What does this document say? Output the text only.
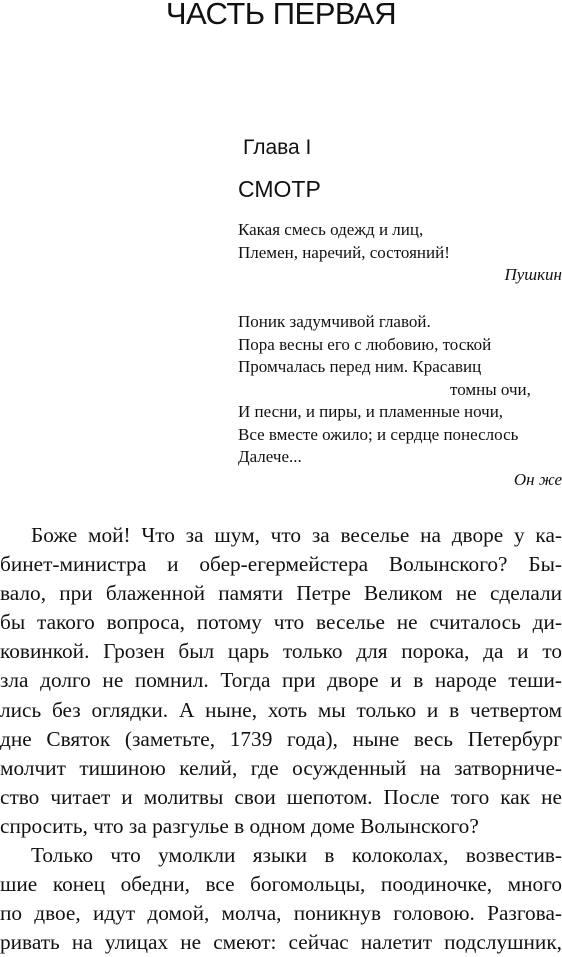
ЧАСТЬ ПЕРВАЯ
Глава I
СМОТР
Какая смесь одежд и лиц,
Племен, наречий, состояний!
Пушкин
Поник задумчивой главой.
Пора весны его с любовию, тоской
Промчалась перед ним. Красавиц
томны очи,
И песни, и пиры, и пламенные ночи,
Все вместе ожило; и сердце понеслось
Далече...
Он же
Боже мой! Что за шум, что за веселье на дворе у ка-
бинет-министра и обер-егермейстера Волынского? Бы-
вало, при блаженной памяти Петре Великом не сделали
бы такого вопроса, потому что веселье не считалось ди-
ковинкой. Грозен был царь только для порока, да и то
зла долго не помнил. Тогда при дворе и в народе теши-
лись без оглядки. А ныне, хоть мы только и в четвертом
дне Святок (заметьте, 1739 года), ныне весь Петербург
молчит тишиною келий, где осужденный на затворниче-
ство читает и молитвы свои шепотом. После того как не
спросить, что за разгулье в одном доме Волынского?
Только что умолкли языки в колоколах, возвестив-
шие конец обедни, все богомольцы, поодиночке, много
по двое, идут домой, молча, поникнув головою. Разгова-
ривать на улицах не смеют: сейчас налетит подслушник,
